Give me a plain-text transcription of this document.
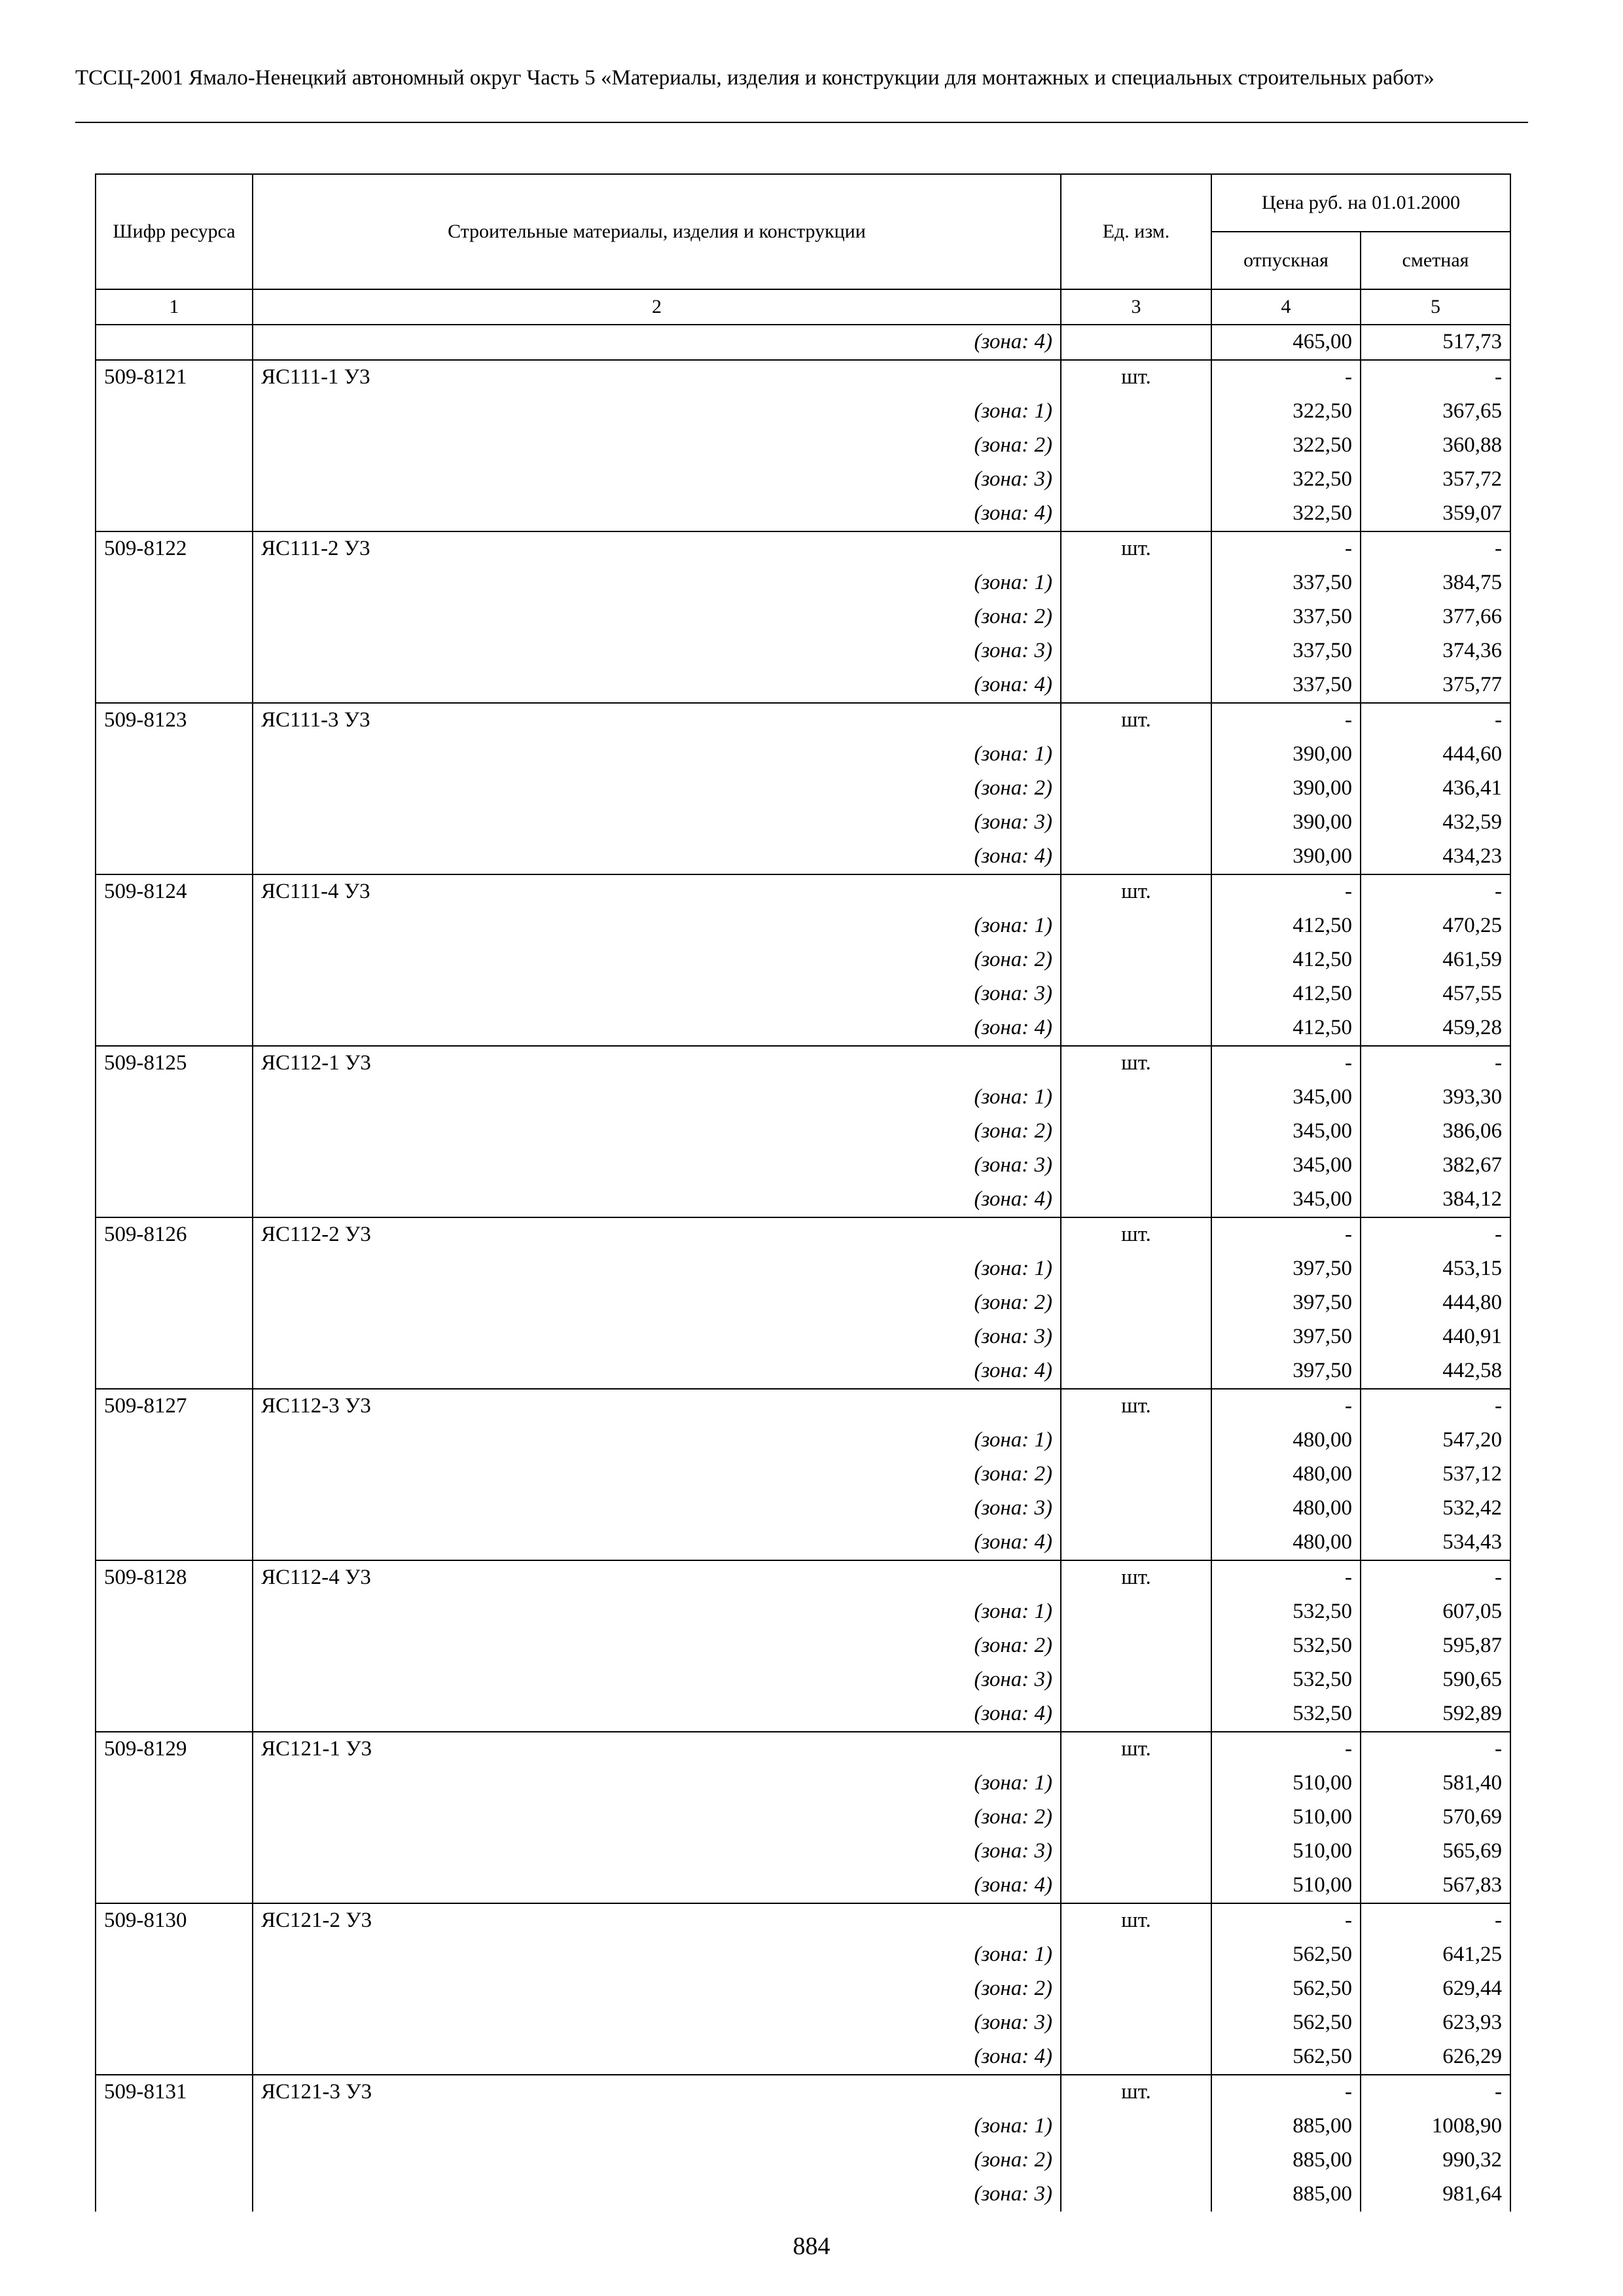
ТССЦ-2001 Ямало-Ненецкий автономный округ Часть 5 «Материалы, изделия и конструкции для монтажных и специальных строительных работ»
Шифр ресурса	Строительные материалы, изделия и конструкции	Ед. изм.	Цена руб. на 01.01.2000	
			отпускная	сметная
1	2	3	4	5
	(зона: 4)		465,00	517,73
509-8121	ЯС111-1 У3	шт.	-	-
	(зона: 1)		322,50	367,65
	(зона: 2)		322,50	360,88
	(зона: 3)		322,50	357,72
	(зона: 4)		322,50	359,07
509-8122	ЯС111-2 У3	шт.	-	-
	(зона: 1)		337,50	384,75
	(зона: 2)		337,50	377,66
	(зона: 3)		337,50	374,36
	(зона: 4)		337,50	375,77
509-8123	ЯС111-3 У3	шт.	-	-
	(зона: 1)		390,00	444,60
	(зона: 2)		390,00	436,41
	(зона: 3)		390,00	432,59
	(зона: 4)		390,00	434,23
509-8124	ЯС111-4 У3	шт.	-	-
	(зона: 1)		412,50	470,25
	(зона: 2)		412,50	461,59
	(зона: 3)		412,50	457,55
	(зона: 4)		412,50	459,28
509-8125	ЯС112-1 У3	шт.	-	-
	(зона: 1)		345,00	393,30
	(зона: 2)		345,00	386,06
	(зона: 3)		345,00	382,67
	(зона: 4)		345,00	384,12
509-8126	ЯС112-2 У3	шт.	-	-
	(зона: 1)		397,50	453,15
	(зона: 2)		397,50	444,80
	(зона: 3)		397,50	440,91
	(зона: 4)		397,50	442,58
509-8127	ЯС112-3 У3	шт.	-	-
	(зона: 1)		480,00	547,20
	(зона: 2)		480,00	537,12
	(зона: 3)		480,00	532,42
	(зона: 4)		480,00	534,43
509-8128	ЯС112-4 У3	шт.	-	-
	(зона: 1)		532,50	607,05
	(зона: 2)		532,50	595,87
	(зона: 3)		532,50	590,65
	(зона: 4)		532,50	592,89
509-8129	ЯС121-1 У3	шт.	-	-
	(зона: 1)		510,00	581,40
	(зона: 2)		510,00	570,69
	(зона: 3)		510,00	565,69
	(зона: 4)		510,00	567,83
509-8130	ЯС121-2 У3	шт.	-	-
	(зона: 1)		562,50	641,25
	(зона: 2)		562,50	629,44
	(зона: 3)		562,50	623,93
	(зона: 4)		562,50	626,29
509-8131	ЯС121-3 У3	шт.	-	-
	(зона: 1)		885,00	1008,90
	(зона: 2)		885,00	990,32
	(зона: 3)		885,00	981,64
884
